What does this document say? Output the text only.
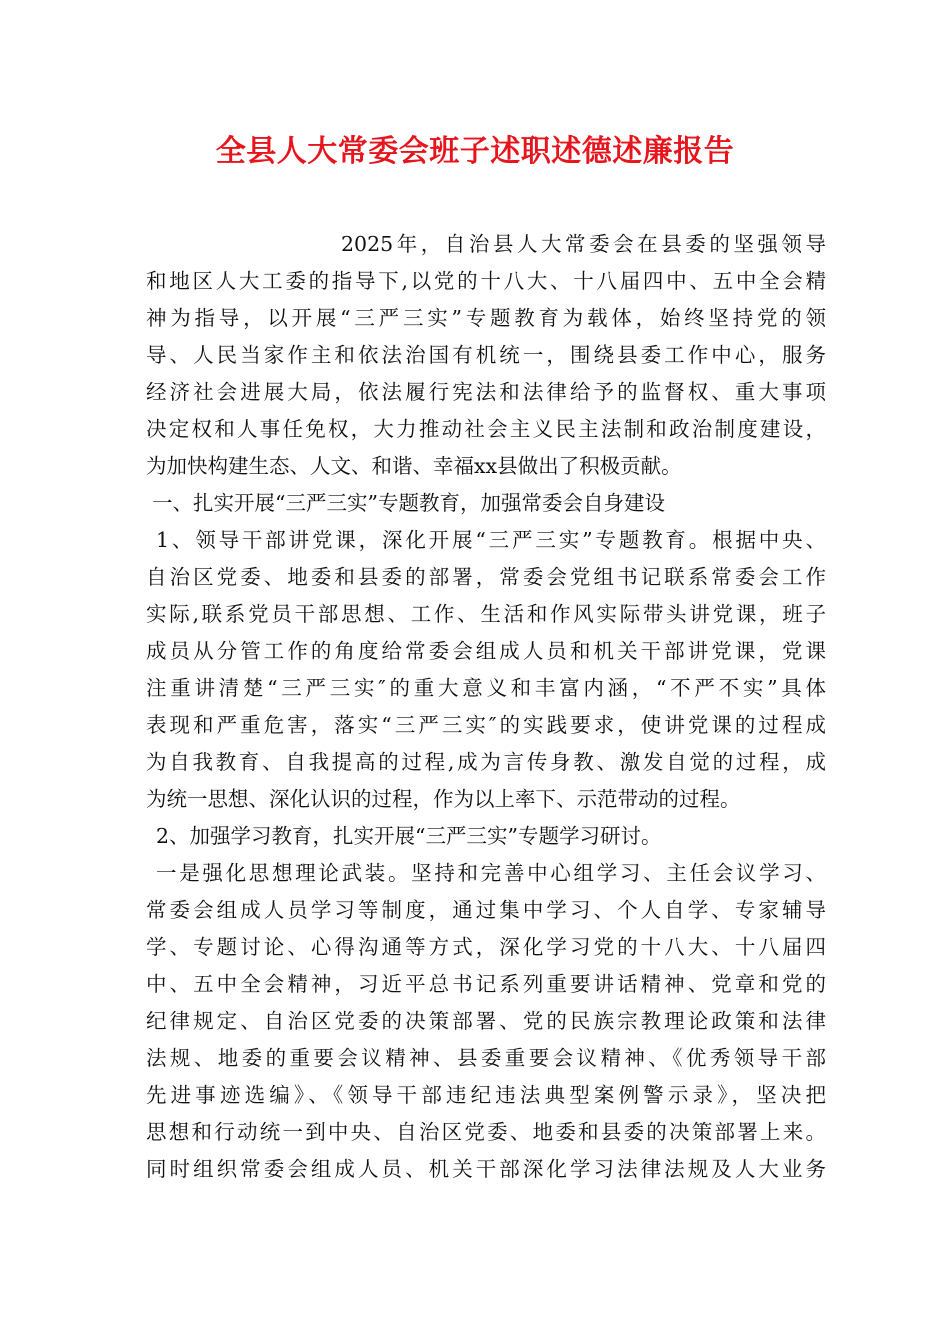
全县人大常委会班子述职述德述廉报告
2025年，自治县人大常委会在县委的坚强领导
和地区人大工委的指导下,以党的十八大、十八届四中、五中全会精
神为指导，以开展“三严三实”专题教育为载体，始终坚持党的领
导、人民当家作主和依法治国有机统一，围绕县委工作中心，服务
经济社会进展大局，依法履行宪法和法律给予的监督权、重大事项
决定权和人事任免权，大力推动社会主义民主法制和政治制度建设，
为加快构建生态、人文、和谐、幸福xx县做出了积极贡献。
一、扎实开展“三严三实”专题教育，加强常委会自身建设
1、领导干部讲党课，深化开展“三严三实”专题教育。根据中央、
自治区党委、地委和县委的部署，常委会党组书记联系常委会工作
实际,联系党员干部思想、工作、生活和作风实际带头讲党课，班子
成员从分管工作的角度给常委会组成人员和机关干部讲党课，党课
注重讲清楚“三严三实″的重大意义和丰富内涵，“不严不实”具体
表现和严重危害，落实“三严三实″的实践要求，使讲党课的过程成
为自我教育、自我提高的过程,成为言传身教、激发自觉的过程，成
为统一思想、深化认识的过程，作为以上率下、示范带动的过程。
2、加强学习教育，扎实开展“三严三实”专题学习研讨。
一是强化思想理论武装。坚持和完善中心组学习、主任会议学习、
常委会组成人员学习等制度，通过集中学习、个人自学、专家辅导
学、专题讨论、心得沟通等方式，深化学习党的十八大、十八届四
中、五中全会精神，习近平总书记系列重要讲话精神、党章和党的
纪律规定、自治区党委的决策部署、党的民族宗教理论政策和法律
法规、地委的重要会议精神、县委重要会议精神、《优秀领导干部
先进事迹选编》、《领导干部违纪违法典型案例警示录》，坚决把
思想和行动统一到中央、自治区党委、地委和县委的决策部署上来。
同时组织常委会组成人员、机关干部深化学习法律法规及人大业务
